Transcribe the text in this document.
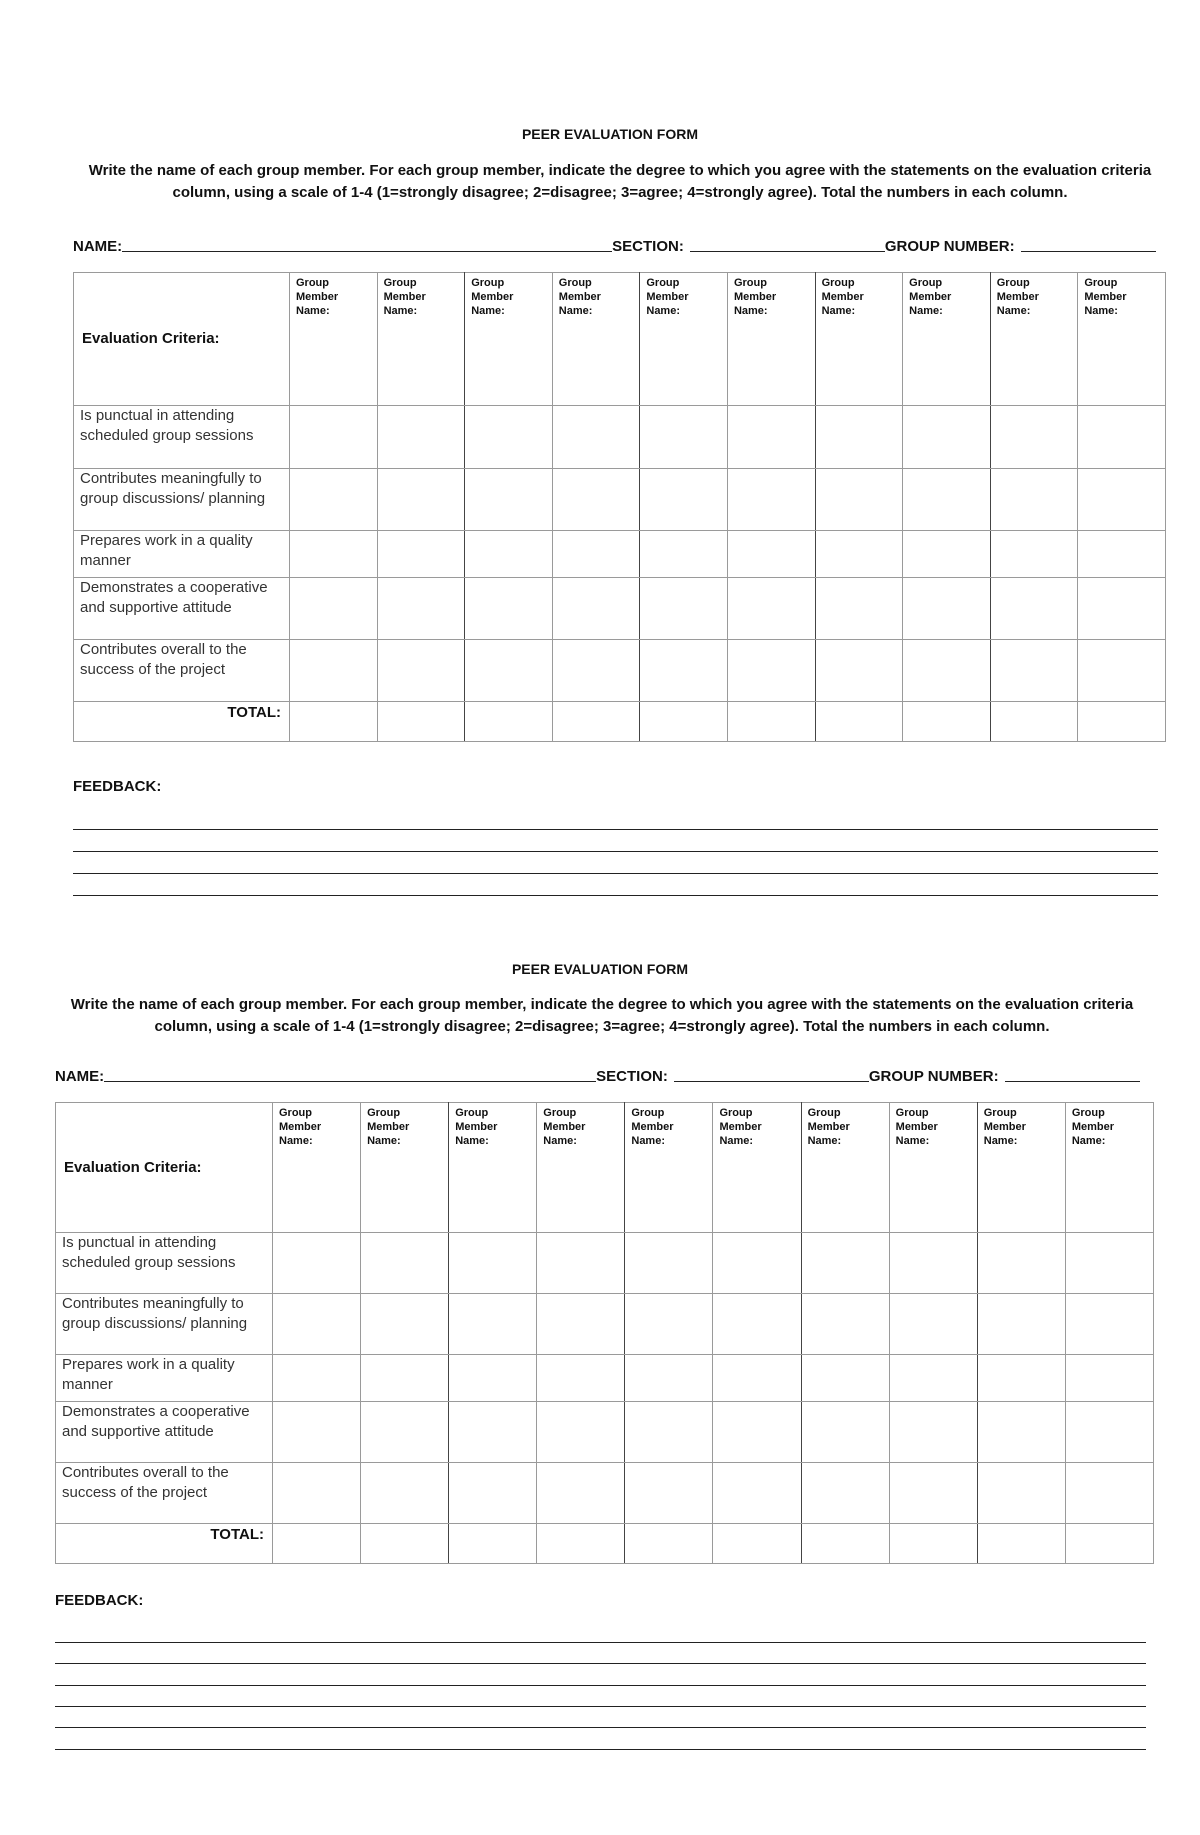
PEER EVALUATION FORM
Write the name of each group member. For each group member, indicate the degree to which you agree with the statements on the evaluation criteria column, using a scale of 1-4 (1=strongly disagree; 2=disagree; 3=agree; 4=strongly agree). Total the numbers in each column.
NAME:	SECTION:	GROUP NUMBER:
Evaluation Criteria:	Group
Member
Name:	Group
Member
Name:	Group
Member
Name:	Group
Member
Name:	Group
Member
Name:	Group
Member
Name:	Group
Member
Name:	Group
Member
Name:	Group
Member
Name:	Group
Member
Name:
Is punctual in attending scheduled group sessions										
Contributes meaningfully to group discussions/ planning										
Prepares work in a quality manner										
Demonstrates a cooperative and supportive attitude										
Contributes overall to the success of the project										
TOTAL:										
FEEDBACK:
PEER EVALUATION FORM
Write the name of each group member. For each group member, indicate the degree to which you agree with the statements on the evaluation criteria column, using a scale of 1-4 (1=strongly disagree; 2=disagree; 3=agree; 4=strongly agree). Total the numbers in each column.
NAME:	SECTION:	GROUP NUMBER:
Evaluation Criteria:	Group
Member
Name:	Group
Member
Name:	Group
Member
Name:	Group
Member
Name:	Group
Member
Name:	Group
Member
Name:	Group
Member
Name:	Group
Member
Name:	Group
Member
Name:	Group
Member
Name:
Is punctual in attending scheduled group sessions										
Contributes meaningfully to group discussions/ planning										
Prepares work in a quality manner										
Demonstrates a cooperative and supportive attitude										
Contributes overall to the success of the project										
TOTAL:										
FEEDBACK:
